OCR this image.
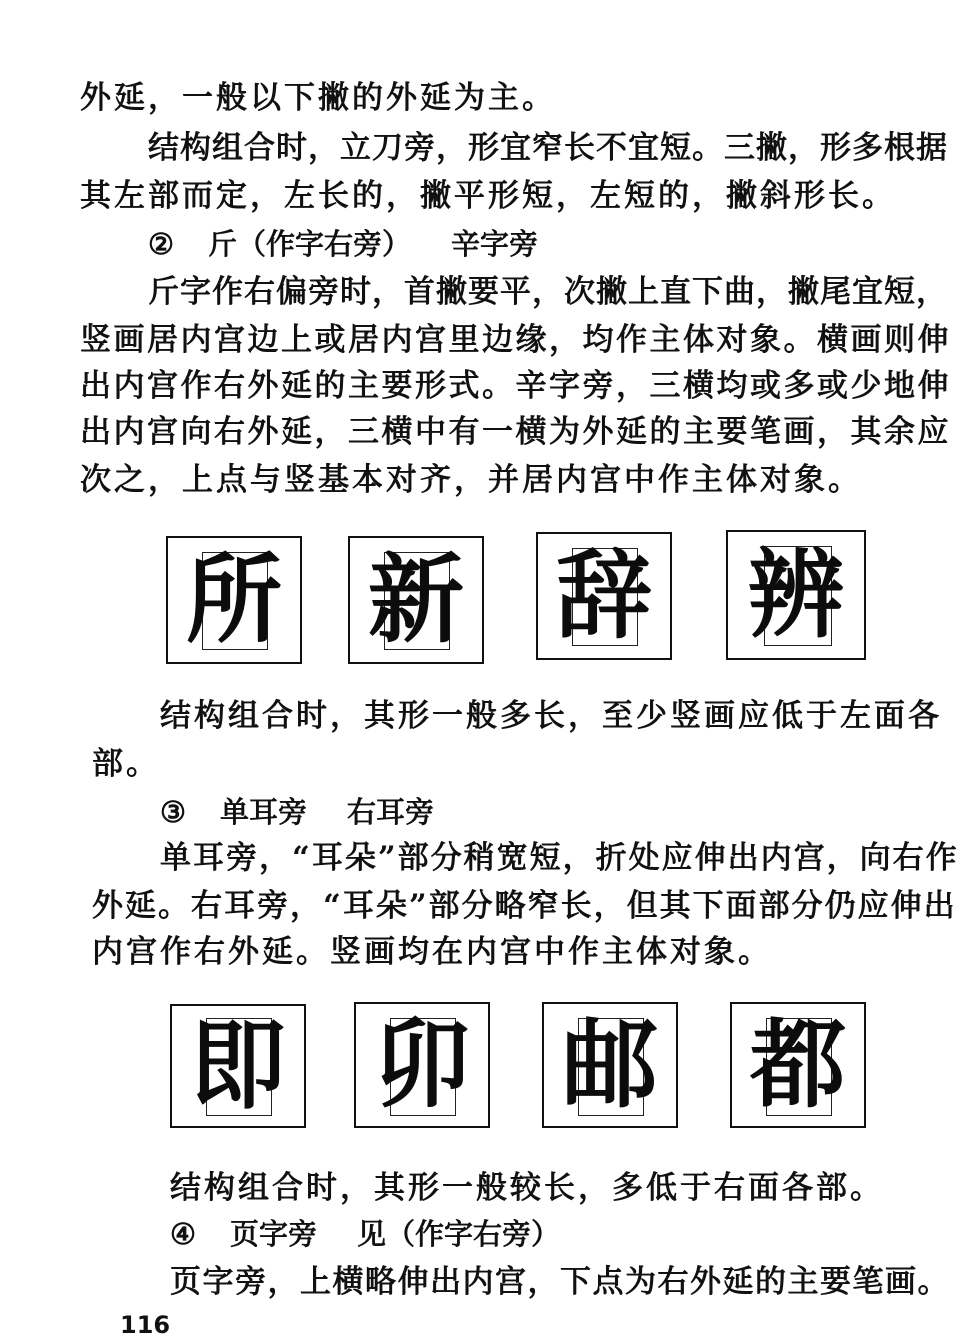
外延，一般以下撇的外延为主。
结构组合时，立刀旁，形宜窄长不宜短。三撇，形多根据
其左部而定，左长的，撇平形短，左短的，撇斜形长。
② 斤（作字右旁） 辛字旁
斤字作右偏旁时，首撇要平，次撇上直下曲，撇尾宜短，
竖画居内宫边上或居内宫里边缘，均作主体对象。横画则伸
出内宫作右外延的主要形式。辛字旁，三横均或多或少地伸
出内宫向右外延，三横中有一横为外延的主要笔画，其余应
次之，上点与竖基本对齐，并居内宫中作主体对象。
所 新 辞 辨
结构组合时，其形一般多长，至少竖画应低于左面各
部。
③ 单耳旁 右耳旁
单耳旁，“耳朵”部分稍宽短，折处应伸出内宫，向右作
外延。右耳旁，“耳朵”部分略窄长，但其下面部分仍应伸出
内宫作右外延。竖画均在内宫中作主体对象。
即 卯 邮 都
结构组合时，其形一般较长，多低于右面各部。
④ 页字旁 见（作字右旁）
页字旁，上横略伸出内宫，下点为右外延的主要笔画。
116
